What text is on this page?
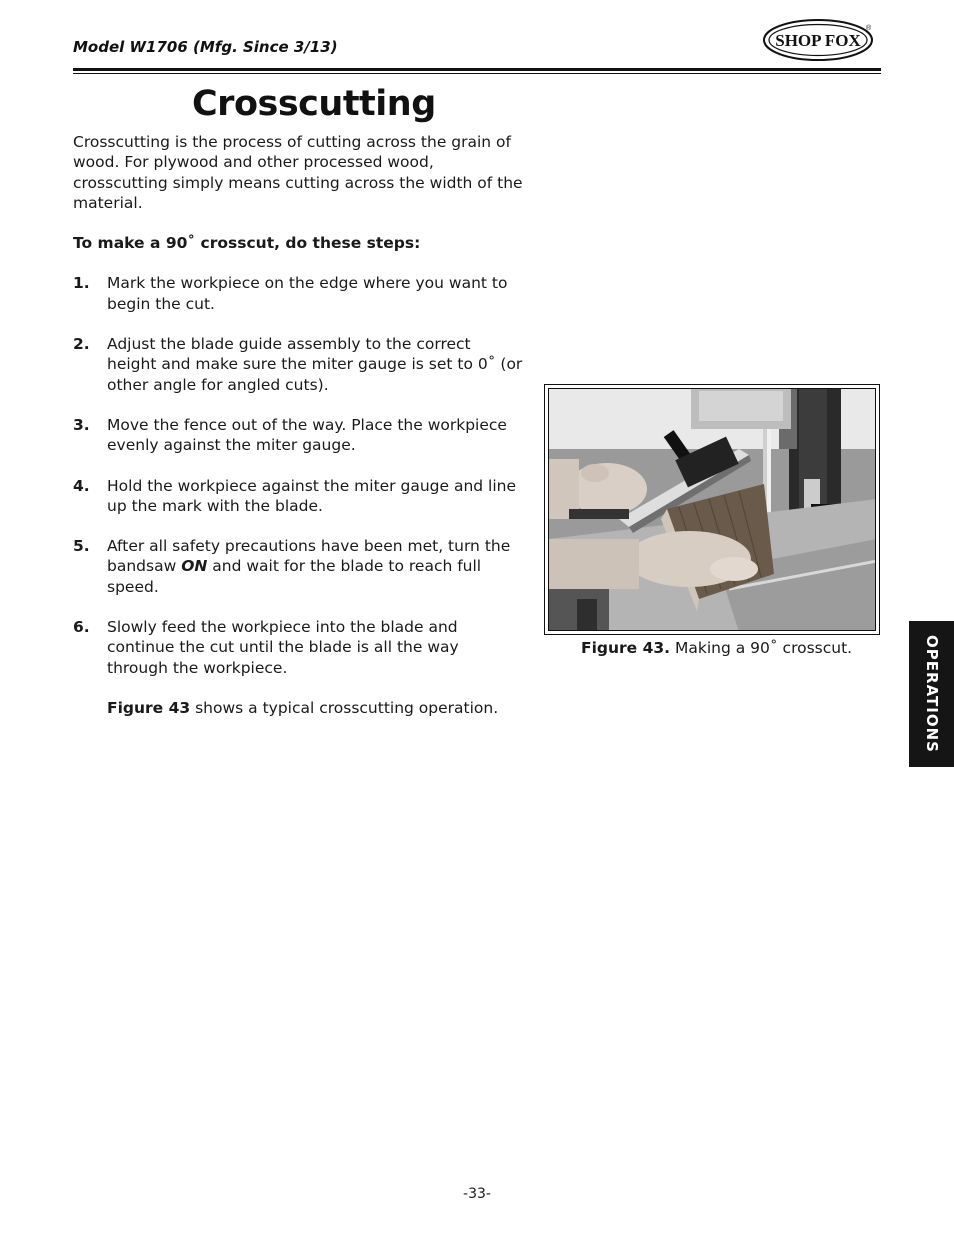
Model W1706 (Mfg. Since 3/13)	SHOP FOX
®
Crosscutting

Crosscutting is the process of cutting across the grain of wood. For plywood and other processed wood, crosscutting simply means cutting across the width of the material.

To make a 90˚ crosscut, do these steps:

1. Mark the workpiece on the edge where you want to begin the cut.
2. Adjust the blade guide assembly to the correct height and make sure the miter gauge is set to 0˚ (or other angle for angled cuts).
3. Move the fence out of the way. Place the workpiece evenly against the miter gauge.
4. Hold the workpiece against the miter gauge and line up the mark with the blade.
5. After all safety precautions have been met, turn the bandsaw ON and wait for the blade to reach full speed.
6. Slowly feed the workpiece into the blade and continue the cut until the blade is all the way through the workpiece.

Figure 43 shows a typical crosscutting operation.

Figure 43. Making a 90˚ crosscut.	OPERATIONS
-33-
